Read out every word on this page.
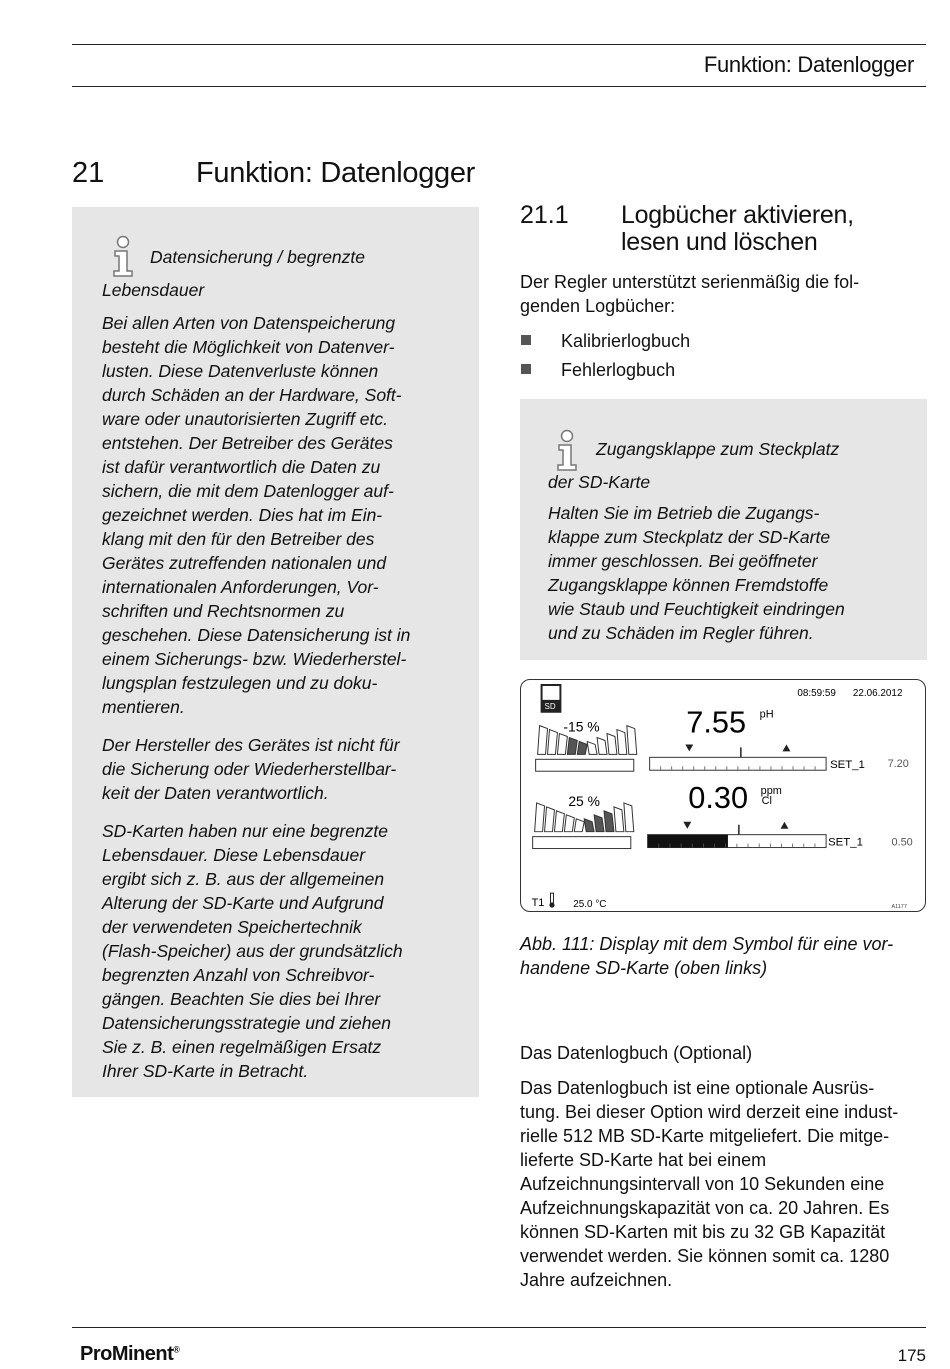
Funktion: Datenlogger
21	Funktion: Datenlogger
Datensicherung / begrenzte
Lebensdauer
Bei allen Arten von Datenspeicherung
besteht die Möglichkeit von Datenver-
lusten. Diese Datenverluste können
durch Schäden an der Hardware, Soft-
ware oder unautorisierten Zugriff etc.
entstehen. Der Betreiber des Gerätes
ist dafür verantwortlich die Daten zu
sichern, die mit dem Datenlogger auf-
gezeichnet werden. Dies hat im Ein-
klang mit den für den Betreiber des
Gerätes zutreffenden nationalen und
internationalen Anforderungen, Vor-
schriften und Rechtsnormen zu
geschehen. Diese Datensicherung ist in
einem Sicherungs- bzw. Wiederherstel-
lungsplan festzulegen und zu doku-
mentieren.
Der Hersteller des Gerätes ist nicht für
die Sicherung oder Wiederherstellbar-
keit der Daten verantwortlich.
SD-Karten haben nur eine begrenzte
Lebensdauer. Diese Lebensdauer
ergibt sich z. B. aus der allgemeinen
Alterung der SD-Karte und Aufgrund
der verwendeten Speichertechnik
(Flash-Speicher) aus der grundsätzlich
begrenzten Anzahl von Schreibvor-
gängen. Beachten Sie dies bei Ihrer
Datensicherungsstrategie und ziehen
Sie z. B. einen regelmäßigen Ersatz
Ihrer SD-Karte in Betracht.
21.1 Logbücher aktivieren,
lesen und löschen
Der Regler unterstützt serienmäßig die fol-
genden Logbücher:
Kalibrierlogbuch
Fehlerlogbuch
Zugangsklappe zum Steckplatz
der SD-Karte
Halten Sie im Betrieb die Zugangs-
klappe zum Steckplatz der SD-Karte
immer geschlossen. Bei geöffneter
Zugangsklappe können Fremdstoffe
wie Staub und Feuchtigkeit eindringen
und zu Schäden im Regler führen.
SD
08:59:59 22.06.2012
-15 %	7.55 pH
SET_1 7.20
25 %	0.30 ppm
Cl
SET_1	0.50
T1	25.0 °C	A1177
Abb. 111: Display mit dem Symbol für eine vor-
handene SD-Karte (oben links)
Das Datenlogbuch (Optional)
Das Datenlogbuch ist eine optionale Ausrüs-
tung. Bei dieser Option wird derzeit eine indust-
rielle 512 MB SD-Karte mitgeliefert. Die mitge-
lieferte SD-Karte hat bei einem
Aufzeichnungsintervall von 10 Sekunden eine
Aufzeichnungskapazität von ca. 20 Jahren. Es
können SD-Karten mit bis zu 32 GB Kapazität
verwendet werden. Sie können somit ca. 1280
Jahre aufzeichnen.
ProMinent®	175
